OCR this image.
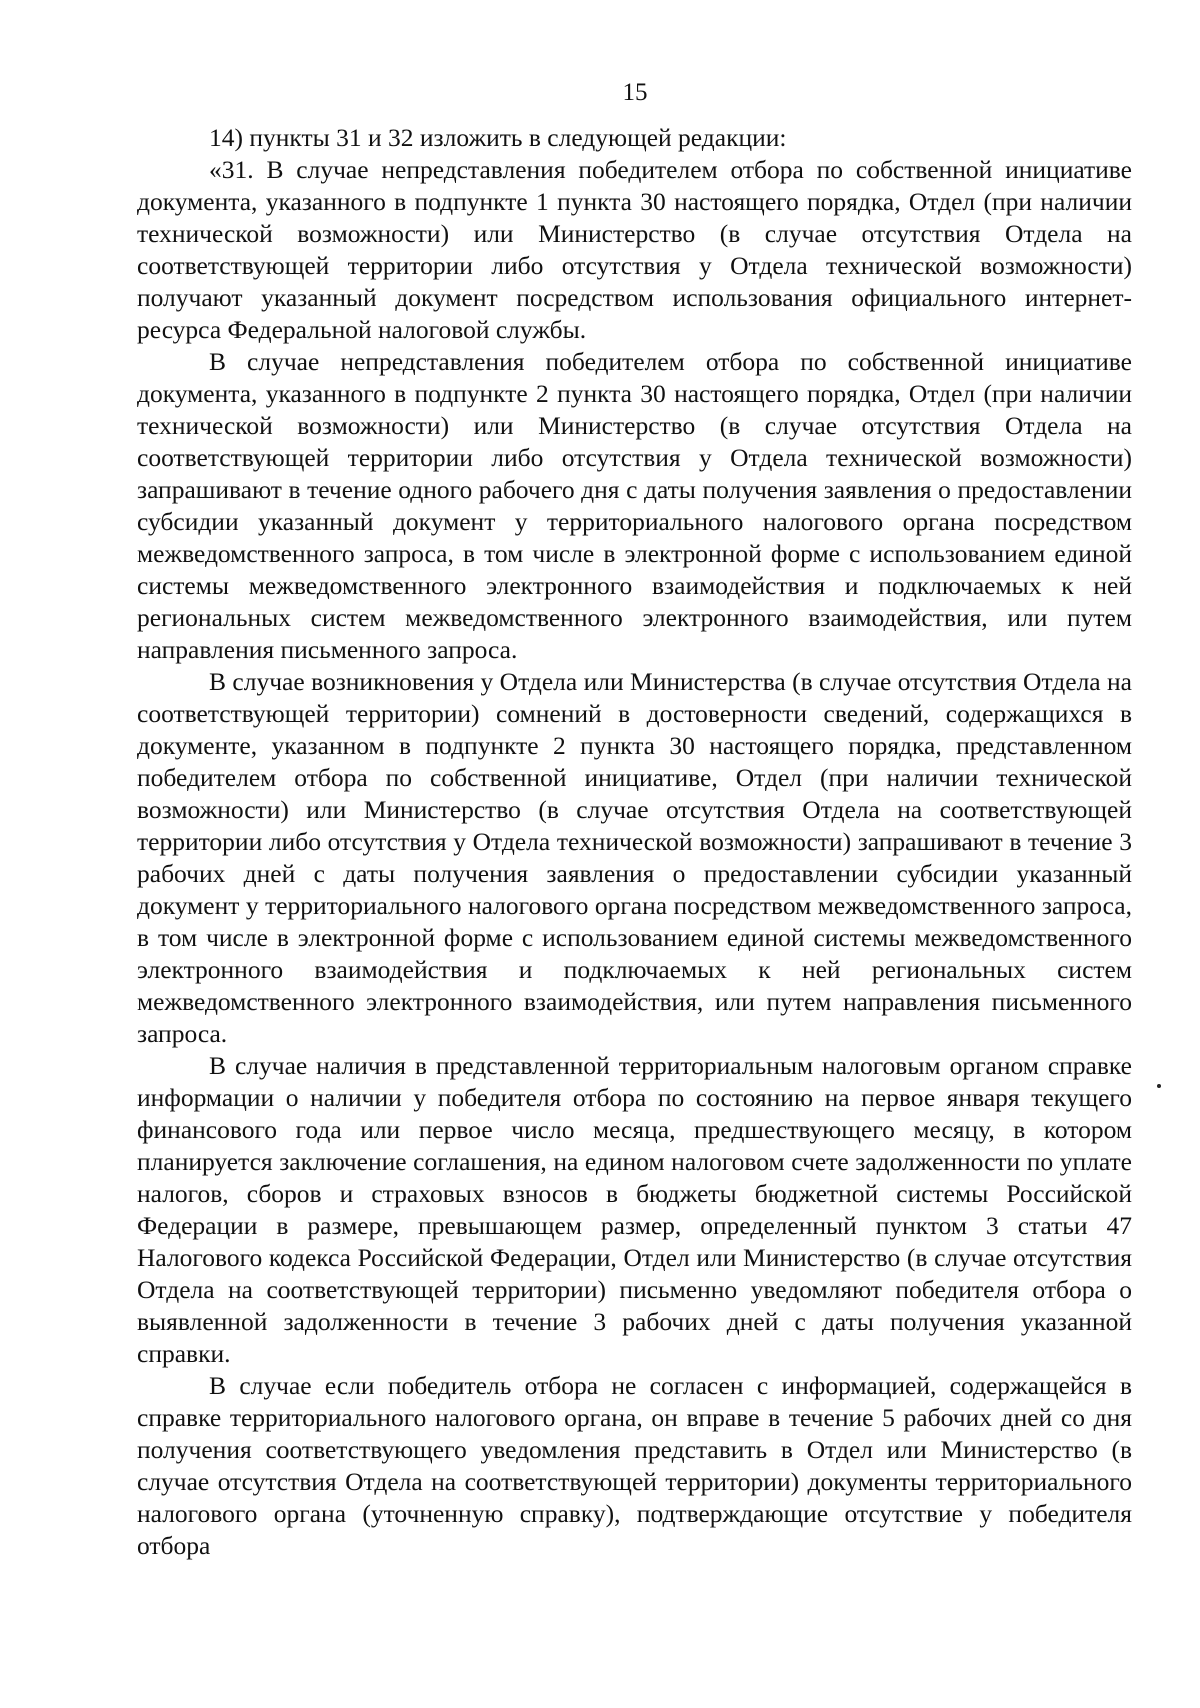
15

14) пункты 31 и 32 изложить в следующей редакции:

«31. В случае непредставления победителем отбора по собственной инициативе документа, указанного в подпункте 1 пункта 30 настоящего порядка, Отдел (при наличии технической возможности) или Министерство (в случае отсутствия Отдела на соответствующей территории либо отсутствия у Отдела технической возможности) получают указанный документ посредством использования официального интернет-ресурса Федеральной налоговой службы.

В случае непредставления победителем отбора по собственной инициативе документа, указанного в подпункте 2 пункта 30 настоящего порядка, Отдел (при наличии технической возможности) или Министерство (в случае отсутствия Отдела на соответствующей территории либо отсутствия у Отдела технической возможности) запрашивают в течение одного рабочего дня с даты получения заявления о предоставлении субсидии указанный документ у территориального налогового органа посредством межведомственного запроса, в том числе в электронной форме с использованием единой системы межведомственного электронного взаимодействия и подключаемых к ней региональных систем межведомственного электронного взаимодействия, или путем направления письменного запроса.

В случае возникновения у Отдела или Министерства (в случае отсутствия Отдела на соответствующей территории) сомнений в достоверности сведений, содержащихся в документе, указанном в подпункте 2 пункта 30 настоящего порядка, представленном победителем отбора по собственной инициативе, Отдел (при наличии технической возможности) или Министерство (в случае отсутствия Отдела на соответствующей территории либо отсутствия у Отдела технической возможности) запрашивают в течение 3 рабочих дней с даты получения заявления о предоставлении субсидии указанный документ у территориального налогового органа посредством межведомственного запроса, в том числе в электронной форме с использованием единой системы межведомственного электронного взаимодействия и подключаемых к ней региональных систем межведомственного электронного взаимодействия, или путем направления письменного запроса.

В случае наличия в представленной территориальным налоговым органом справке информации о наличии у победителя отбора по состоянию на первое января текущего финансового года или первое число месяца, предшествующего месяцу, в котором планируется заключение соглашения, на едином налоговом счете задолженности по уплате налогов, сборов и страховых взносов в бюджеты бюджетной системы Российской Федерации в размере, превышающем размер, определенный пунктом 3 статьи 47 Налогового кодекса Российской Федерации, Отдел или Министерство (в случае отсутствия Отдела на соответствующей территории) письменно уведомляют победителя отбора о выявленной задолженности в течение 3 рабочих дней с даты получения указанной справки.

В случае если победитель отбора не согласен с информацией, содержащейся в справке территориального налогового органа, он вправе в течение 5 рабочих дней со дня получения соответствующего уведомления представить в Отдел или Министерство (в случае отсутствия Отдела на соответствующей территории) документы территориального налогового органа (уточненную справку), подтверждающие отсутствие у победителя отбора
